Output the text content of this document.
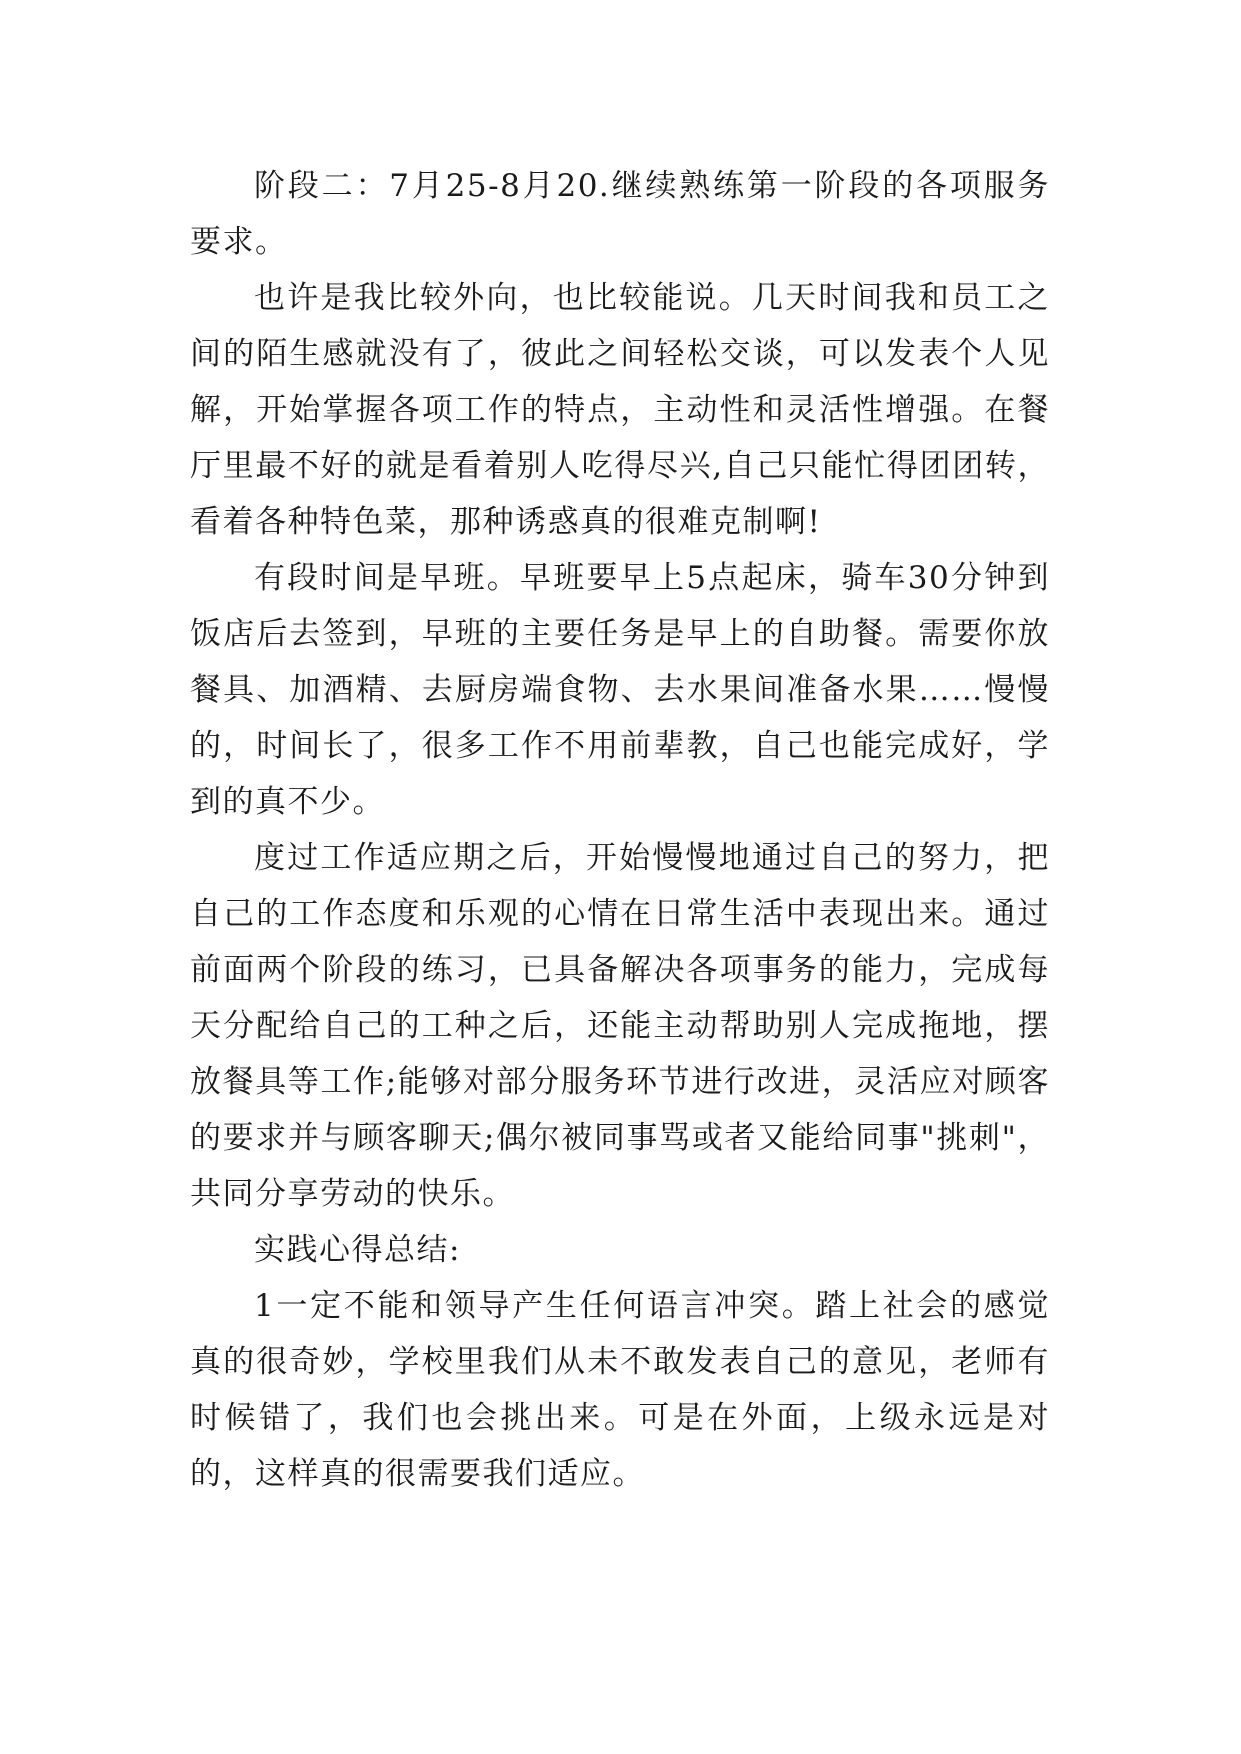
阶段二：7月25-8月20.继续熟练第一阶段的各项服务要求。

也许是我比较外向，也比较能说。几天时间我和员工之间的陌生感就没有了，彼此之间轻松交谈，可以发表个人见解，开始掌握各项工作的特点，主动性和灵活性增强。在餐厅里最不好的就是看着别人吃得尽兴,自己只能忙得团团转，看着各种特色菜，那种诱惑真的很难克制啊!

有段时间是早班。早班要早上5点起床，骑车30分钟到饭店后去签到，早班的主要任务是早上的自助餐。需要你放餐具、加酒精、去厨房端食物、去水果间准备水果……慢慢的，时间长了，很多工作不用前辈教，自己也能完成好，学到的真不少。

度过工作适应期之后，开始慢慢地通过自己的努力，把自己的工作态度和乐观的心情在日常生活中表现出来。通过前面两个阶段的练习，已具备解决各项事务的能力，完成每天分配给自己的工种之后，还能主动帮助别人完成拖地，摆放餐具等工作;能够对部分服务环节进行改进，灵活应对顾客的要求并与顾客聊天;偶尔被同事骂或者又能给同事"挑刺"，共同分享劳动的快乐。

实践心得总结:

1一定不能和领导产生任何语言冲突。踏上社会的感觉真的很奇妙，学校里我们从未不敢发表自己的意见，老师有时候错了，我们也会挑出来。可是在外面，上级永远是对的，这样真的很需要我们适应。
